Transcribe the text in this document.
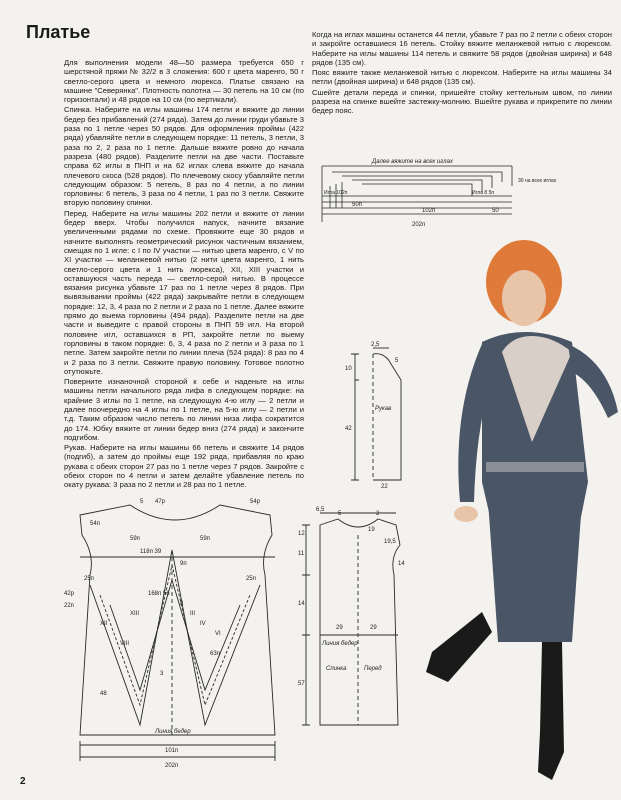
Платье

Для выполнения модели 48—50 размера требуется 650 г шерстяной пряжи № 32/2 в 3 сложения: 600 г цвета маренго, 50 г светло-серого цвета и немного люрекса. Платье связано на машине "Северянка". Плотность полотна — 30 петель на 10 см (по горизонтали) и 48 рядов на 10 см (по вертикали).

Спинка. Наберите на иглы машины 174 петли и вяжите до линии бедер без прибавлений (274 ряда). Затем до линии груди убавьте 3 раза по 1 петле через 50 рядов. Для оформления проймы (422 ряда) убавляйте петли в следующем порядке: 11 петель, 3 петли, 3 раза по 2, 2 раза по 1 петле. Дальше вяжите ровно до начала разреза (480 рядов). Разделите петли на две части. Поставьте справа 62 иглы в ПНП и на 62 иглах слева вяжите до начала плечевого скоса (528 рядов). По плечевому скосу убавляйте петли следующим образом: 5 петель, 8 раз по 4 петли, а по линии горловины: 6 петель, 3 раза по 4 петли, 1 раз по 3 петли. Свяжите вторую половину спинки.

Перед. Наберите на иглы машины 202 петли и вяжите от линии бедер вверх. Чтобы получился напуск, начните вязание увеличенными рядами по схеме. Провяжите еще 30 рядов и начните выполнять геометрический рисунок частичным вязанием, смещая по 1 игле: с I по IV участки — нитью цвета маренго, с V по XI участки — меланжевой нитью (2 нити цвета маренго, 1 нить светло-серого цвета и 1 нить люрекса), XII, XIII участки и оставшуюся часть переда — светло-серой нитью. В процессе вязания рисунка убавьте 17 раз по 1 петле через 8 рядов. При вывязывании проймы (422 ряда) закрывайте петли в следующем порядке: 12, 3, 4 раза по 2 петли и 2 раза по 1 петле. Далее вяжите прямо до выема горловины (494 ряда). Разделите петли на две части и выведите с правой стороны в ПНП 59 игл. На второй половине игл, оставшихся в РП, закройте петли по выему горловины в таком порядке: 6, 3, 4 раза по 2 петли и 3 раза по 1 петле. Затем закройте петли по линии плеча (524 ряда): 8 раз по 4 и 2 раза по 3 петли. Свяжите правую половину. Готовое полотно отутюжьте.

Поверните изнаночной стороной к себе и наденьте на иглы машины петли начального ряда лифа в следующем порядке: на крайние 3 иглы по 1 петле, на следующую 4-ю иглу — 2 петли и далее поочередно на 4 иглы по 1 петле, на 5-ю иглу — 2 петли и т.д. Таким образом число петель по линии низа лифа сократится до 174. Юбку вяжите от линии бедер вниз (274 ряда) и закончите подгибом.

Рукав. Наберите на иглы машины 66 петель и свяжите 14 рядов (подгиб), а затем до проймы еще 192 ряда, прибавляя по краю рукава с обеих сторон 27 раз по 1 петле через 7 рядов. Закройте с обеих сторон по 4 петли и затем делайте убавление петель по окату рукава: 3 раза по 2 петли и 28 раз по 1 петле.

Когда на иглах машины останется 44 петли, убавьте 7 раз по 2 петли с обеих сторон и закройте оставшиеся 16 петель. Стойку вяжите меланжевой нитью с люрексом. Наберите на иглы машины 114 петель и свяжите 58 рядов (двойная ширина) и 648 рядов (135 см).

Пояс вяжите также меланжевой нитью с люрексом. Наберите на иглы машины 34 петли (двойная ширина) и 648 рядов (135 см).

Сшейте детали переда и спинки, пришейте стойку кеттельным швом, по линии разреза на спинке вшейте застежку-молнию. Вшейте рукава и прикрепите по линии бедер пояс.

Далее вяжите на всех иглах
Игла 102п	Игла 8 5п
30 на всех иглах
50п
102п	50
202п
2,5
5
Рукав
10
42
22
54п
5 47р	54р
59п	59п
118п 39
9п
25п	25п
42р
22п
168п 56
63п
48
3
II
III
IV
VI
VIII
XII
XIII
Линия бедер
101п
202п
6,5
5	2
19
19,5
14
29	29
12
11
14
57
Линия бедер
Спинка	Перед
2
